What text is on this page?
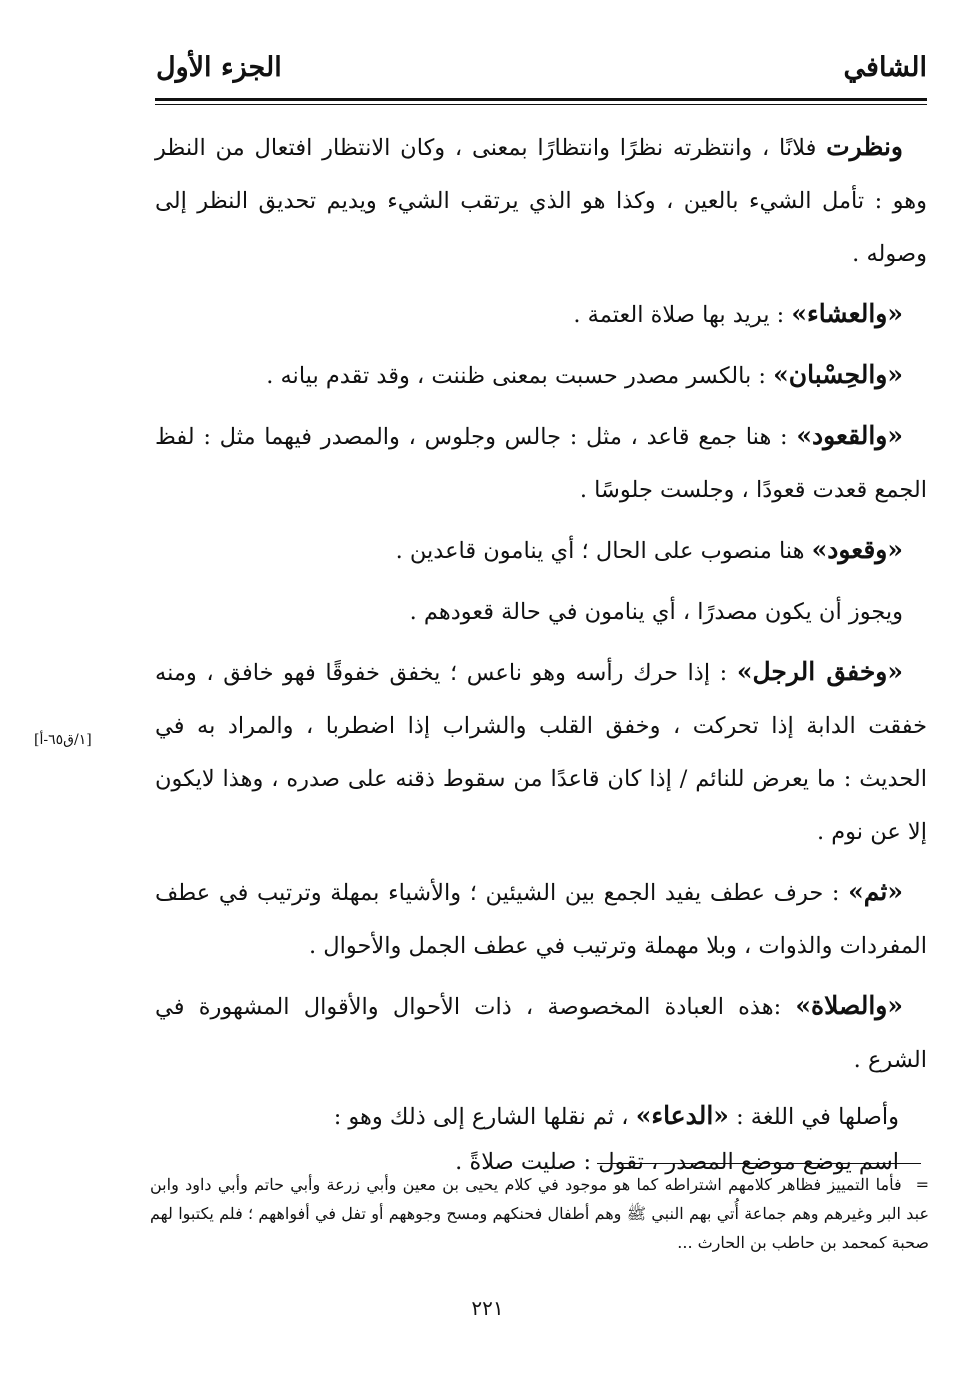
الشافي
الجزء الأول

ونظرت فلانًا ، وانتظرته نظرًا وانتظارًا بمعنى ، وكان الانتظار افتعال من النظر وهو : تأمل الشيء بالعين ، وكذا هو الذي يرتقب الشيء ويديم تحديق النظر إلى وصوله .

«والعشاء» : يريد بها صلاة العتمة .

«والحِسْبان» : بالكسر مصدر حسبت بمعنى ظننت ، وقد تقدم بيانه .

«والقعود» : هنا جمع قاعد ، مثل : جالس وجلوس ، والمصدر فيهما مثل : لفظ الجمع قعدت قعودًا ، وجلست جلوسًا .

«وقعود» هنا منصوب على الحال ؛ أي ينامون قاعدين .

ويجوز أن يكون مصدرًا ، أي ينامون في حالة قعودهم .

«وخفق الرجل» : إذا حرك رأسه وهو ناعس ؛ يخفق خفوقًا فهو خافق ، ومنه خفقت الدابة إذا تحركت ، وخفق القلب والشراب إذا اضطربا ، والمراد به في الحديث : ما يعرض للنائم / إذا كان قاعدًا من سقوط ذقنه على صدره ، وهذا لايكون إلا عن نوم .

«ثم» : حرف عطف يفيد الجمع بين الشيئين ؛ والأشياء بمهلة وترتيب في عطف المفردات والذوات ، وبلا مهملة وترتيب في عطف الجمل والأحوال .

«والصلاة» :هذه العبادة المخصوصة ، ذات الأحوال والأقوال المشهورة في الشرع .

وأصلها في اللغة : «الدعاء» ، ثم نقلها الشارع إلى ذلك وهو :

اسم يوضع موضع المصدر ، تقول : صليت صلاةً .

[١/ق٦٥-أ]

=فأما التمييز فظاهر كلامهم اشتراطه كما هو موجود في كلام يحيى بن معين وأبي زرعة وأبي حاتم وأبي داود وابن عبد البر وغيرهم وهم جماعة أُتي بهم النبي ﷺ وهم أطفال فحنكهم ومسح وجوههم أو تفل في أفواههم ؛ فلم يكتبوا لهم صحبة كمحمد بن حاطب بن الحارث ...

٢٢١
